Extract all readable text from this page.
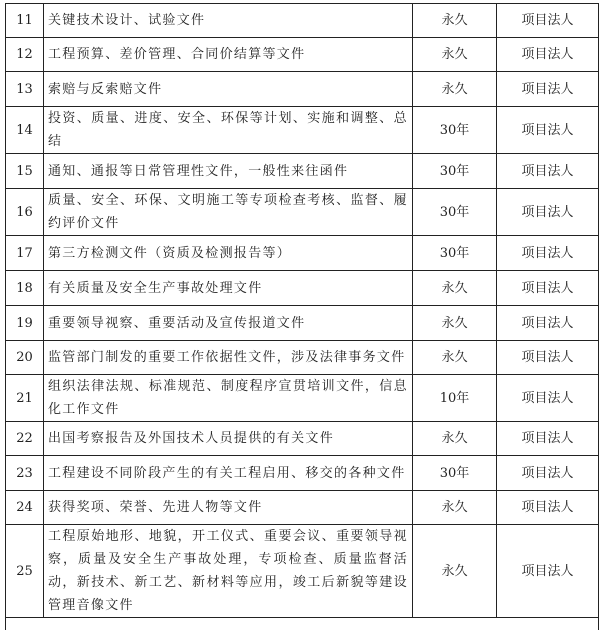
11	关键技术设计、试验文件	永久	项目法人
12	工程预算、差价管理、合同价结算等文件	永久	项目法人
13	索赔与反索赔文件	永久	项目法人
14	投资、质量、进度、安全、环保等计划、实施和调整、总结	30年	项目法人
15	通知、通报等日常管理性文件，一般性来往函件	30年	项目法人
16	质量、安全、环保、文明施工等专项检查考核、监督、履约评价文件	30年	项目法人
17	第三方检测文件（资质及检测报告等）	30年	项目法人
18	有关质量及安全生产事故处理文件	永久	项目法人
19	重要领导视察、重要活动及宣传报道文件	永久	项目法人
20	监管部门制发的重要工作依据性文件，涉及法律事务文件	永久	项目法人
21	组织法律法规、标准规范、制度程序宣贯培训文件，信息化工作文件	10年	项目法人
22	出国考察报告及外国技术人员提供的有关文件	永久	项目法人
23	工程建设不同阶段产生的有关工程启用、移交的各种文件	30年	项目法人
24	获得奖项、荣誉、先进人物等文件	永久	项目法人
25	工程原始地形、地貌，开工仪式、重要会议、重要领导视察，质量及安全生产事故处理，专项检查、质量监督活动，新技术、新工艺、新材料等应用，竣工后新貌等建设管理音像文件	永久	项目法人
